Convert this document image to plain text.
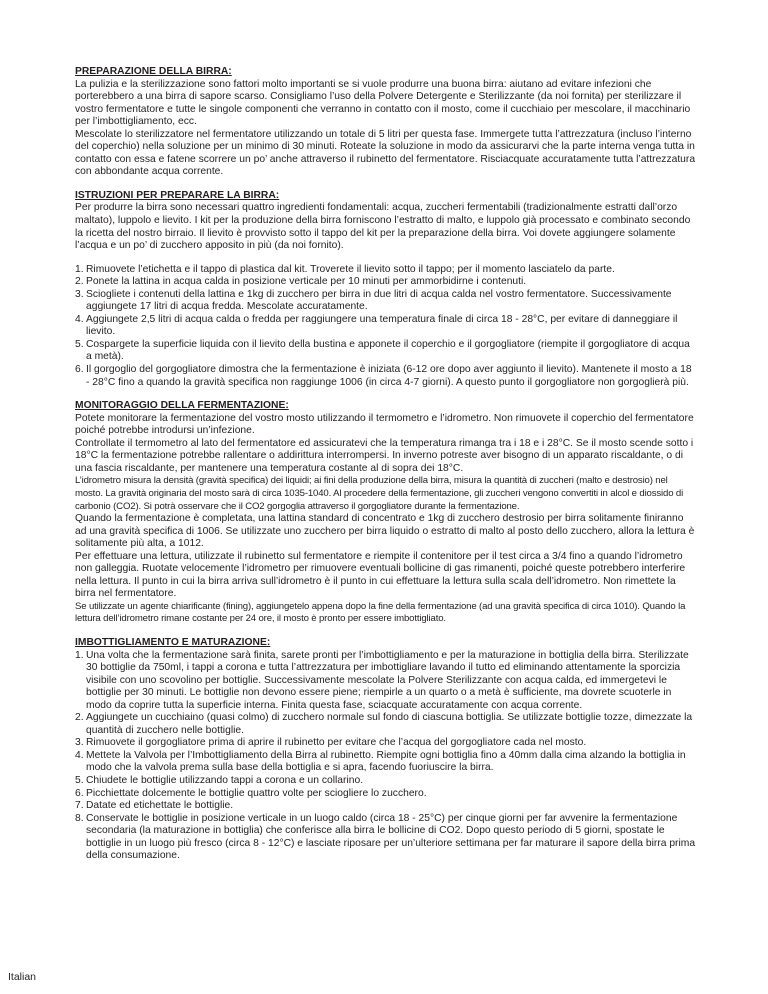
PREPARAZIONE DELLA BIRRA:
La pulizia e la sterilizzazione sono fattori molto importanti se si vuole produrre una buona birra: aiutano ad evitare infezioni che porterebbero a una birra di sapore scarso. Consigliamo l’uso della Polvere Detergente e Sterilizzante (da noi fornita) per sterilizzare il vostro fermentatore e tutte le singole componenti che verranno in contatto con il mosto, come il cucchiaio per mescolare, il macchinario per l’imbottigliamento, ecc.
Mescolate lo sterilizzatore nel fermentatore utilizzando un totale di 5 litri per questa fase. Immergete tutta l’attrezzatura (incluso l’interno del coperchio) nella soluzione per un minimo di 30 minuti. Roteate la soluzione in modo da assicurarvi che la parte interna venga tutta in contatto con essa e fatene scorrere un po’ anche attraverso il rubinetto del fermentatore. Risciacquate accuratamente tutta l’attrezzatura con abbondante acqua corrente.
ISTRUZIONI PER PREPARARE LA BIRRA:
Per produrre la birra sono necessari quattro ingredienti fondamentali: acqua, zuccheri fermentabili (tradizionalmente estratti dall’orzo maltato), luppolo e lievito. I kit per la produzione della birra forniscono l’estratto di malto, e luppolo già processato e combinato secondo la ricetta del nostro birraio. Il lievito è provvisto sotto il tappo del kit per la preparazione della birra. Voi dovete aggiungere solamente l’acqua e un po’ di zucchero apposito in più (da noi fornito).
1. Rimuovete l’etichetta e il tappo di plastica dal kit. Troverete il lievito sotto il tappo; per il momento lasciatelo da parte.
2. Ponete la lattina in acqua calda in posizione verticale per 10 minuti per ammorbidirne i contenuti.
3. Sciogliete i contenuti della lattina e 1kg di zucchero per birra in due litri di acqua calda nel vostro fermentatore. Successivamente aggiungete 17 litri di acqua fredda. Mescolate accuratamente.
4. Aggiungete 2,5 litri di acqua calda o fredda per raggiungere una temperatura finale di circa 18 - 28°C, per evitare di danneggiare il lievito.
5. Cospargete la superficie liquida con il lievito della bustina e apponete il coperchio e il gorgogliatore (riempite il gorgogliatore di acqua a metà).
6. Il gorgoglio del gorgogliatore dimostra che la fermentazione è iniziata (6-12 ore dopo aver aggiunto il lievito). Mantenete il mosto a 18 - 28°C fino a quando la gravità specifica non raggiunge 1006 (in circa 4-7 giorni). A questo punto il gorgogliatore non gorgoglierà più.
MONITORAGGIO DELLA FERMENTAZIONE:
Potete monitorare la fermentazione del vostro mosto utilizzando il termometro e l’idrometro. Non rimuovete il coperchio del fermentatore poiché potrebbe introdursi un’infezione.
Controllate il termometro al lato del fermentatore ed assicuratevi che la temperatura rimanga tra i 18 e i 28°C. Se il mosto scende sotto i 18°C la fermentazione potrebbe rallentare o addirittura interrompersi. In inverno potreste aver bisogno di un apparato riscaldante, o di una fascia riscaldante, per mantenere una temperatura costante al di sopra dei 18°C.
L’idrometro misura la densità (gravità specifica) dei liquidi; ai fini della produzione della birra, misura la quantità di zuccheri (malto e destrosio) nel mosto. La gravità originaria del mosto sarà di circa 1035-1040. Al procedere della fermentazione, gli zuccheri vengono convertiti in alcol e diossido di carbonio (CO2). Si potrà osservare che il CO2 gorgoglia attraverso il gorgogliatore durante la fermentazione.
Quando la fermentazione è completata, una lattina standard di concentrato e 1kg di zucchero destrosio per birra solitamente finiranno ad una gravità specifica di 1006. Se utilizzate uno zucchero per birra liquido o estratto di malto al posto dello zucchero, allora la lettura è solitamente più alta, a 1012.
Per effettuare una lettura, utilizzate il rubinetto sul fermentatore e riempite il contenitore per il test circa a 3/4 fino a quando l’idrometro non galleggia. Ruotate velocemente l’idrometro per rimuovere eventuali bollicine di gas rimanenti, poiché queste potrebbero interferire nella lettura. Il punto in cui la birra arriva sull’idrometro è il punto in cui effettuare la lettura sulla scala dell’idrometro. Non rimettete la birra nel fermentatore.
Se utilizzate un agente chiarificante (fining), aggiungetelo appena dopo la fine della fermentazione (ad una gravità specifica di circa 1010). Quando la lettura dell’idrometro rimane costante per 24 ore, il mosto è pronto per essere imbottigliato.
IMBOTTIGLIAMENTO E MATURAZIONE:
1. Una volta che la fermentazione sarà finita, sarete pronti per l’imbottigliamento e per la maturazione in bottiglia della birra. Sterilizzate 30 bottiglie da 750ml, i tappi a corona e tutta l’attrezzatura per imbottigliare lavando il tutto ed eliminando attentamente la sporcizia visibile con uno scovolino per bottiglie. Successivamente mescolate la Polvere Sterilizzante con acqua calda, ed immergetevi le bottiglie per 30 minuti. Le bottiglie non devono essere piene; riempirle a un quarto o a metà è sufficiente, ma dovrete scuoterle in modo da coprire tutta la superficie interna. Finita questa fase, sciacquate accuratamente con acqua corrente.
2. Aggiungete un cucchiaino (quasi colmo) di zucchero normale sul fondo di ciascuna bottiglia. Se utilizzate bottiglie tozze, dimezzate la quantità di zucchero nelle bottiglie.
3. Rimuovete il gorgogliatore prima di aprire il rubinetto per evitare che l’acqua del gorgogliatore cada nel mosto.
4. Mettete la Valvola per l’Imbottigliamento della Birra al rubinetto. Riempite ogni bottiglia fino a 40mm dalla cima alzando la bottiglia in modo che la valvola prema sulla base della bottiglia e si apra, facendo fuoriuscire la birra.
5. Chiudete le bottiglie utilizzando tappi a corona e un collarino.
6. Picchiettate dolcemente le bottiglie quattro volte per sciogliere lo zucchero.
7. Datate ed etichettate le bottiglie.
8. Conservate le bottiglie in posizione verticale in un luogo caldo (circa 18 - 25°C) per cinque giorni per far avvenire la fermentazione secondaria (la maturazione in bottiglia) che conferisce alla birra le bollicine di CO2. Dopo questo periodo di 5 giorni, spostate le bottiglie in un luogo più fresco (circa 8 - 12°C) e lasciate riposare per un’ulteriore settimana per far maturare il sapore della birra prima della consumazione.
Italian
